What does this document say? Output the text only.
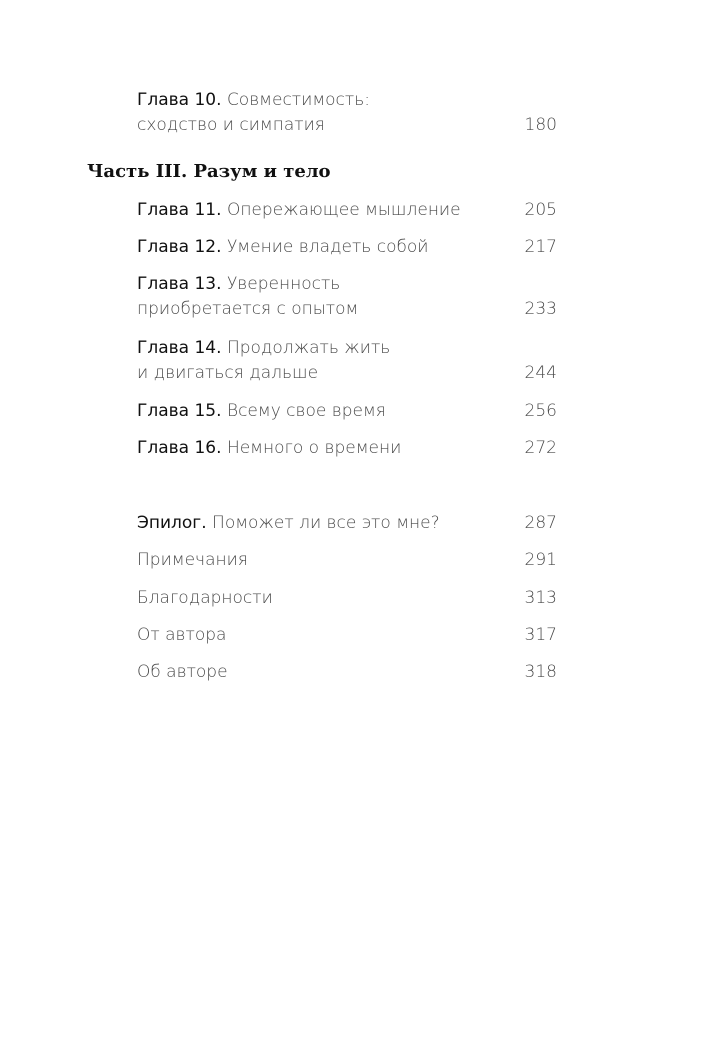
Глава 10. Совместимость:
сходство и симпатия	180
Часть III. Разум и тело
Глава 11. Опережающее мышление	205
Глава 12. Умение владеть собой	217
Глава 13. Уверенность
приобретается с опытом	233
Глава 14. Продолжать жить
и двигаться дальше	244
Глава 15. Всему свое время	256
Глава 16. Немного о времени	272
Эпилог. Поможет ли все это мне?	287
Примечания	291
Благодарности	313
От автора	317
Об авторе	318
